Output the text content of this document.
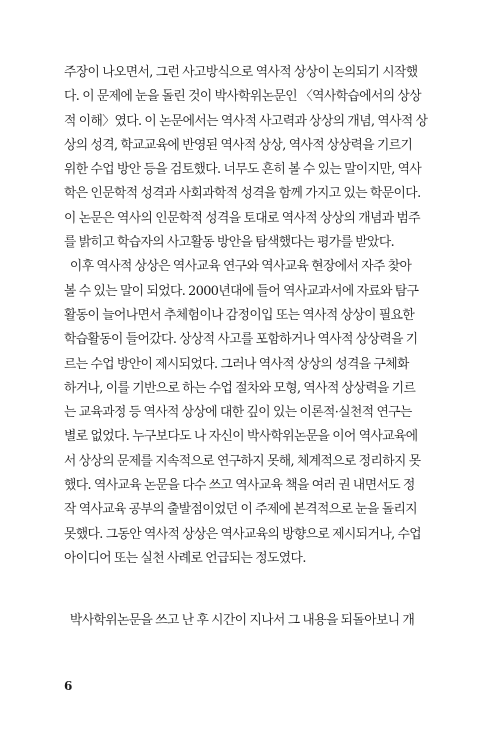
주장이 나오면서, 그런 사고방식으로 역사적 상상이 논의되기 시작했
다. 이 문제에 눈을 돌린 것이 박사학위논문인 〈역사학습에서의 상상
적 이해〉였다. 이 논문에서는 역사적 사고력과 상상의 개념, 역사적 상
상의 성격, 학교교육에 반영된 역사적 상상, 역사적 상상력을 기르기
위한 수업 방안 등을 검토했다. 너무도 흔히 볼 수 있는 말이지만, 역사
학은 인문학적 성격과 사회과학적 성격을 함께 가지고 있는 학문이다.
이 논문은 역사의 인문학적 성격을 토대로 역사적 상상의 개념과 범주
를 밝히고 학습자의 사고활동 방안을 탐색했다는 평가를 받았다.
이후 역사적 상상은 역사교육 연구와 역사교육 현장에서 자주 찾아
볼 수 있는 말이 되었다. 2000년대에 들어 역사교과서에 자료와 탐구
활동이 늘어나면서 추체험이나 감정이입 또는 역사적 상상이 필요한
학습활동이 들어갔다. 상상적 사고를 포함하거나 역사적 상상력을 기
르는 수업 방안이 제시되었다. 그러나 역사적 상상의 성격을 구체화
하거나, 이를 기반으로 하는 수업 절차와 모형, 역사적 상상력을 기르
는 교육과정 등 역사적 상상에 대한 깊이 있는 이론적·실천적 연구는
별로 없었다. 누구보다도 나 자신이 박사학위논문을 이어 역사교육에
서 상상의 문제를 지속적으로 연구하지 못해, 체계적으로 정리하지 못
했다. 역사교육 논문을 다수 쓰고 역사교육 책을 여러 권 내면서도 정
작 역사교육 공부의 출발점이었던 이 주제에 본격적으로 눈을 돌리지
못했다. 그동안 역사적 상상은 역사교육의 방향으로 제시되거나, 수업
아이디어 또는 실천 사례로 언급되는 정도였다.
박사학위논문을 쓰고 난 후 시간이 지나서 그 내용을 되돌아보니 개
6
